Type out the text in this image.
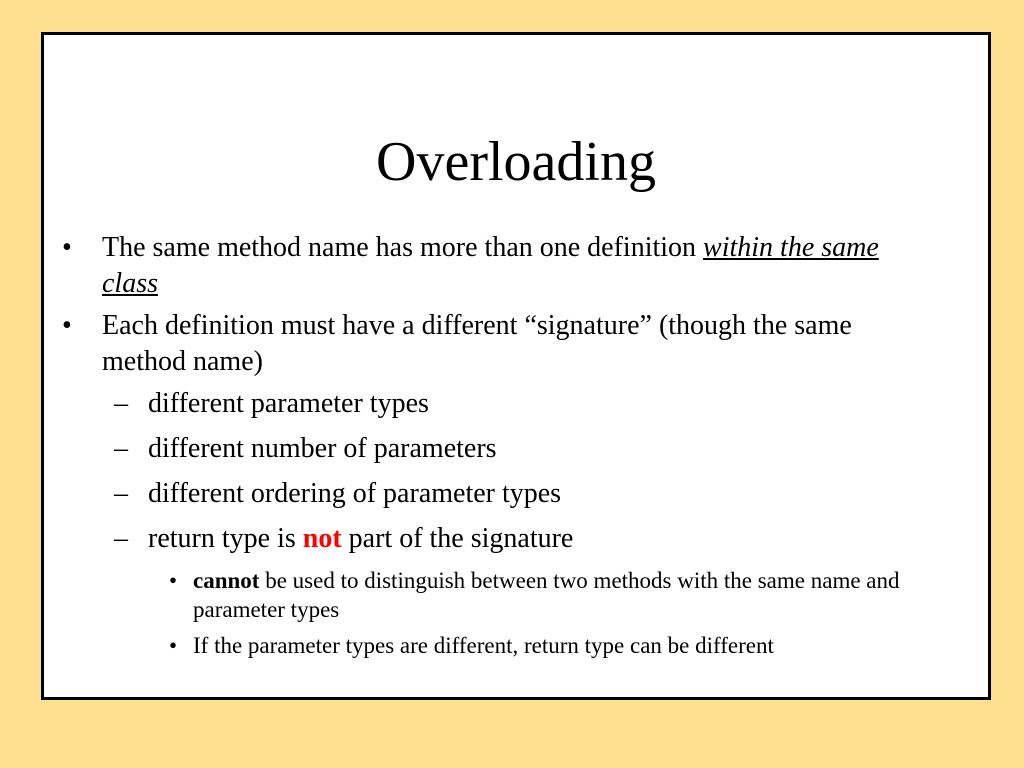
Overloading
• The same method name has more than one definition within the same class
• Each definition must have a different “signature” (though the same method name)
– different parameter types
– different number of parameters
– different ordering of parameter types
– return type is not part of the signature
• cannot be used to distinguish between two methods with the same name and parameter types
• If the parameter types are different, return type can be different
